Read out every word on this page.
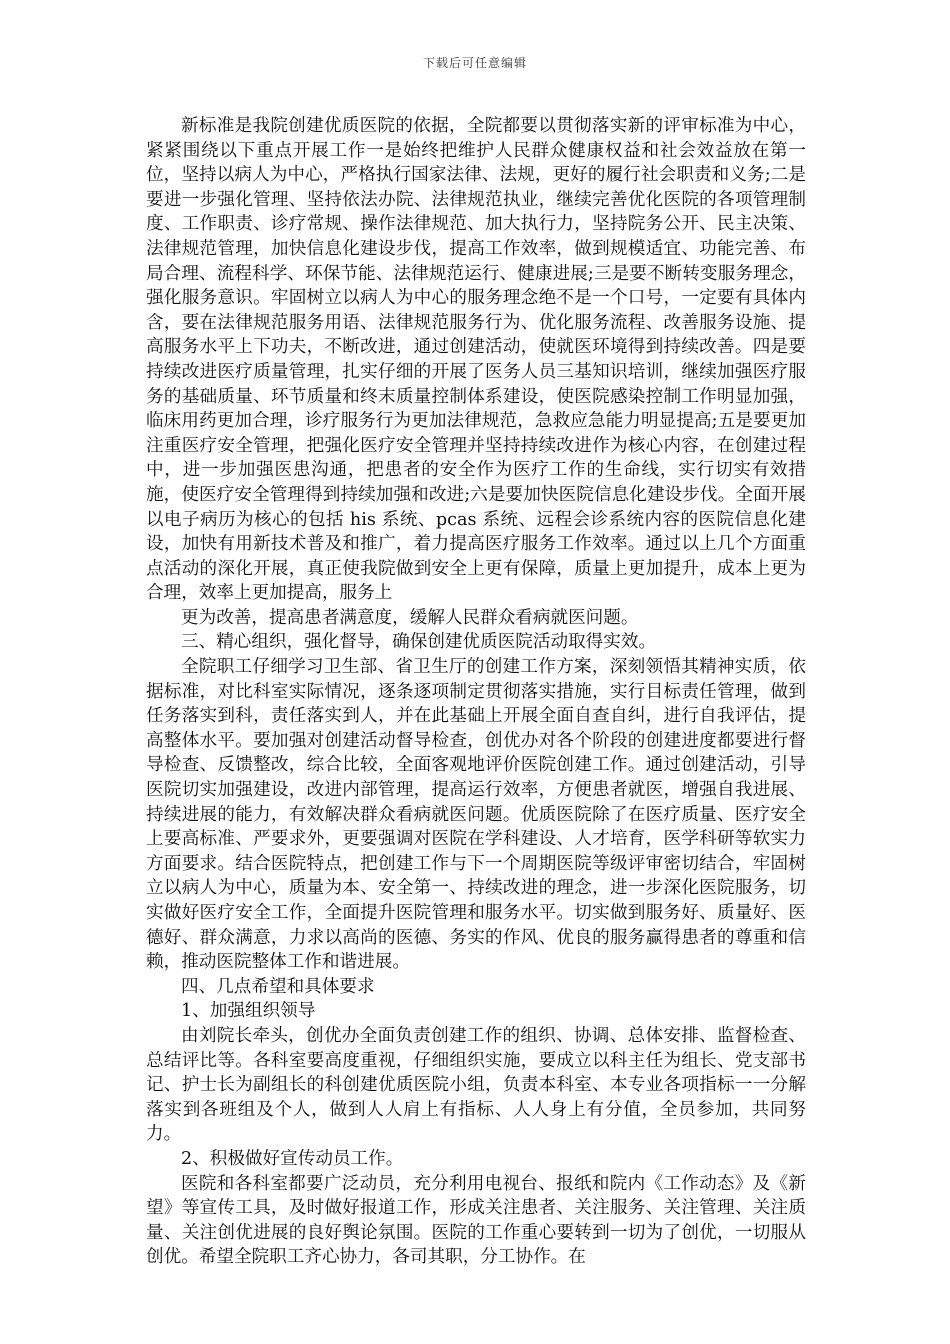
下载后可任意编辑

新标准是我院创建优质医院的依据，全院都要以贯彻落实新的评审标准为中心，紧紧围绕以下重点开展工作一是始终把维护人民群众健康权益和社会效益放在第一位，坚持以病人为中心，严格执行国家法律、法规，更好的履行社会职责和义务;二是要进一步强化管理、坚持依法办院、法律规范执业，继续完善优化医院的各项管理制度、工作职责、诊疗常规、操作法律规范、加大执行力，坚持院务公开、民主决策、法律规范管理，加快信息化建设步伐，提高工作效率，做到规模适宜、功能完善、布局合理、流程科学、环保节能、法律规范运行、健康进展;三是要不断转变服务理念，强化服务意识。牢固树立以病人为中心的服务理念绝不是一个口号，一定要有具体内含，要在法律规范服务用语、法律规范服务行为、优化服务流程、改善服务设施、提高服务水平上下功夫，不断改进，通过创建活动，使就医环境得到持续改善。四是要持续改进医疗质量管理，扎实仔细的开展了医务人员三基知识培训，继续加强医疗服务的基础质量、环节质量和终末质量控制体系建设，使医院感染控制工作明显加强，临床用药更加合理，诊疗服务行为更加法律规范，急救应急能力明显提高;五是要更加注重医疗安全管理，把强化医疗安全管理并坚持持续改进作为核心内容，在创建过程中，进一步加强医患沟通，把患者的安全作为医疗工作的生命线，实行切实有效措施，使医疗安全管理得到持续加强和改进;六是要加快医院信息化建设步伐。全面开展以电子病历为核心的包括 his 系统、pcas 系统、远程会诊系统内容的医院信息化建设，加快有用新技术普及和推广，着力提高医疗服务工作效率。通过以上几个方面重点活动的深化开展，真正使我院做到安全上更有保障，质量上更加提升，成本上更为合理，效率上更加提高，服务上

更为改善，提高患者满意度，缓解人民群众看病就医问题。

三、精心组织，强化督导，确保创建优质医院活动取得实效。

全院职工仔细学习卫生部、省卫生厅的创建工作方案，深刻领悟其精神实质，依据标准，对比科室实际情况，逐条逐项制定贯彻落实措施，实行目标责任管理，做到任务落实到科，责任落实到人，并在此基础上开展全面自查自纠，进行自我评估，提高整体水平。要加强对创建活动督导检查，创优办对各个阶段的创建进度都要进行督导检查、反馈整改，综合比较，全面客观地评价医院创建工作。通过创建活动，引导医院切实加强建设，改进内部管理，提高运行效率，方便患者就医，增强自我进展、持续进展的能力，有效解决群众看病就医问题。优质医院除了在医疗质量、医疗安全上要高标准、严要求外，更要强调对医院在学科建设、人才培育，医学科研等软实力方面要求。结合医院特点，把创建工作与下一个周期医院等级评审密切结合，牢固树立以病人为中心，质量为本、安全第一、持续改进的理念，进一步深化医院服务，切实做好医疗安全工作，全面提升医院管理和服务水平。切实做到服务好、质量好、医德好、群众满意，力求以高尚的医德、务实的作风、优良的服务赢得患者的尊重和信赖，推动医院整体工作和谐进展。

四、几点希望和具体要求

1、加强组织领导

由刘院长牵头，创优办全面负责创建工作的组织、协调、总体安排、监督检查、总结评比等。各科室要高度重视，仔细组织实施，要成立以科主任为组长、党支部书记、护士长为副组长的科创建优质医院小组，负责本科室、本专业各项指标一一分解落实到各班组及个人，做到人人肩上有指标、人人身上有分值，全员参加，共同努力。

2、积极做好宣传动员工作。

医院和各科室都要广泛动员，充分利用电视台、报纸和院内《工作动态》及《新望》等宣传工具，及时做好报道工作，形成关注患者、关注服务、关注管理、关注质量、关注创优进展的良好舆论氛围。医院的工作重心要转到一切为了创优，一切服从创优。希望全院职工齐心协力，各司其职，分工协作。在
